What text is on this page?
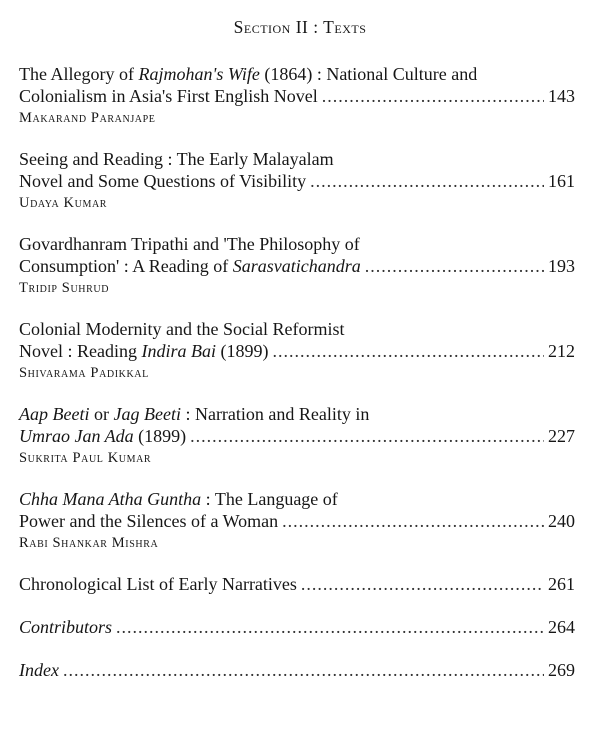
Section II : Texts
The Allegory of Rajmohan's Wife (1864) : National Culture and
Colonialism in Asia's First English Novel .....	143
Makarand Paranjape
Seeing and Reading : The Early Malayalam
Novel and Some Questions of Visibility .....	161
Udaya Kumar
Govardhanram Tripathi and 'The Philosophy of
Consumption' : A Reading of Sarasvatichandra .....	193
Tridip Suhrud
Colonial Modernity and the Social Reformist
Novel : Reading Indira Bai (1899) .....	212
Shivarama Padikkal
Aap Beeti or Jag Beeti : Narration and Reality in
Umrao Jan Ada (1899) .....	227
Sukrita Paul Kumar
Chha Mana Atha Guntha : The Language of
Power and the Silences of a Woman .....	240
Rabi Shankar Mishra
Chronological List of Early Narratives .....	261
Contributors .....	264
Index .....	269
